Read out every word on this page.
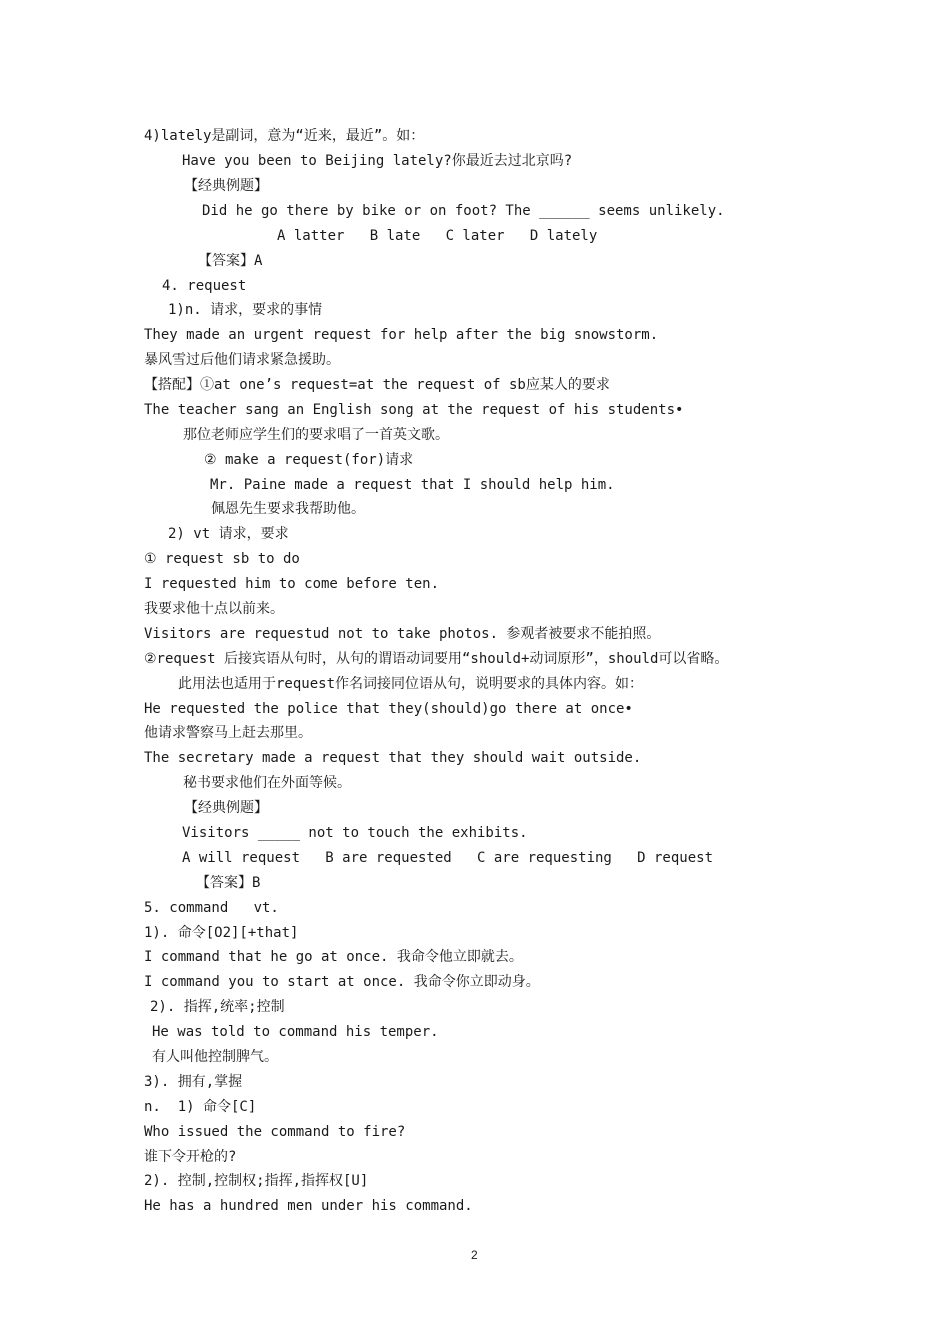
4)lately是副词，意为“近来，最近”。如：
Have you been to Beijing lately?你最近去过北京吗?
【经典例题】
Did he go there by bike or on foot? The ______ seems unlikely.
A latter   B late   C later   D lately
【答案】A
4. request
1)n. 请求，要求的事情
They made an urgent request for help after the big snowstorm.
暴风雪过后他们请求紧急援助。
【搭配】①at one’s request=at the request of sb应某人的要求
The teacher sang an English song at the request of his students•
那位老师应学生们的要求唱了一首英文歌。
② make a request(for)请求
Mr. Paine made a request that I should help him.
佩恩先生要求我帮助他。
2) vt 请求，要求
① request sb to do
I requested him to come before ten.
我要求他十点以前来。
Visitors are requestud not to take photos. 参观者被要求不能拍照。
②request 后接宾语从句时，从句的谓语动词要用“should+动词原形”，should可以省略。
此用法也适用于request作名词接同位语从句，说明要求的具体内容。如：
He requested the police that they(should)go there at once•
他请求警察马上赶去那里。
The secretary made a request that they should wait outside.
秘书要求他们在外面等候。
【经典例题】
Visitors _____ not to touch the exhibits.
A will request   B are requested   C are requesting   D request
【答案】B
5. command   vt.
1). 命令[O2][+that]
I command that he go at once. 我命令他立即就去。
I command you to start at once. 我命令你立即动身。
2). 指挥,统率;控制
He was told to command his temper.
有人叫他控制脾气。
3). 拥有,掌握
n.  1) 命令[C]
Who issued the command to fire?
谁下令开枪的?
2). 控制,控制权;指挥,指挥权[U]
He has a hundred men under his command.
2
